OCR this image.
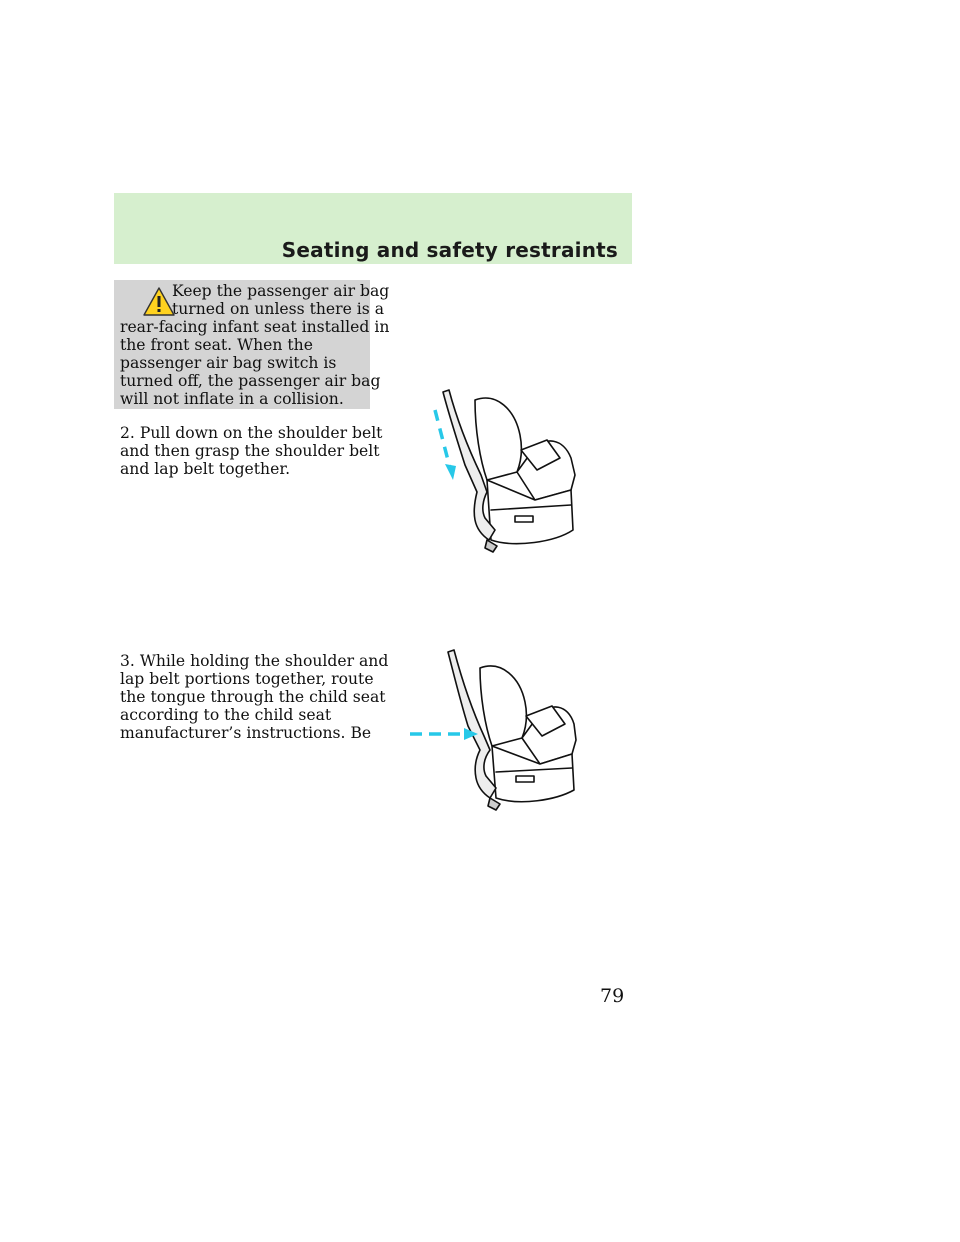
Seating and safety restraints
Keep the passenger air bag
turned on unless there is a
rear-facing infant seat installed in
the front seat. When the
passenger air bag switch is
turned off, the passenger air bag
will not inflate in a collision.
2. Pull down on the shoulder belt
and then grasp the shoulder belt
and lap belt together.
3. While holding the shoulder and
lap belt portions together, route
the tongue through the child seat
according to the child seat
manufacturer’s instructions. Be
79
